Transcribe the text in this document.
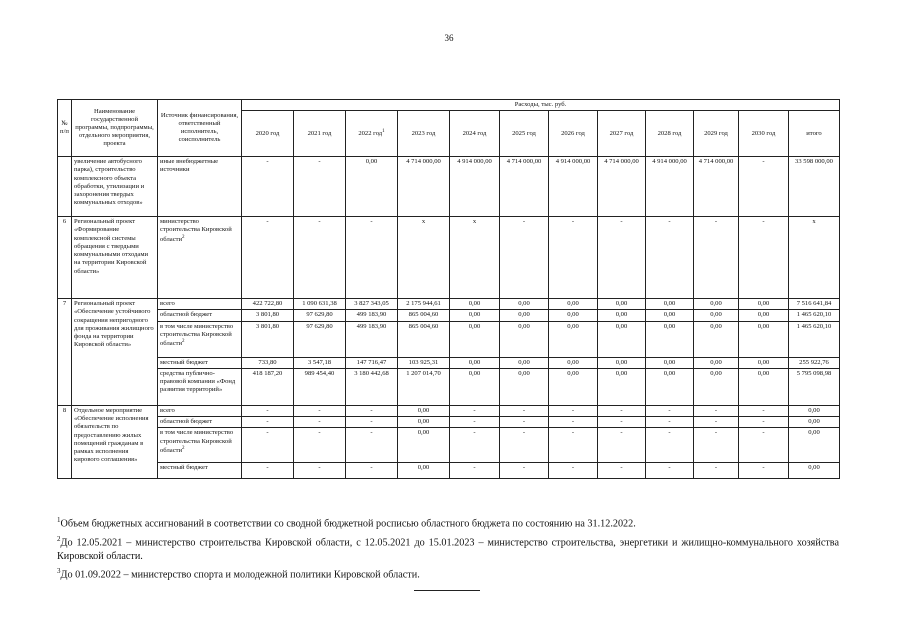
36
№ п/п	Наименование государственной программы, подпрограммы, отдельного мероприятия, проекта	Источник финансирования, ответственный исполнитель, соисполнитель	Расходы, тыс. руб.											
			2020 год	2021 год	2022 год$^1$	2023 год	2024 год	2025 год	2026 год	2027 год	2028 год	2029 год	2030 год	итого
	увеличение автобусного парка), строительство комплексного объекта обработки, утилизации и захоронения твердых коммунальных отходов»	иные внебюджетные источники	-	-	0,00	4 714 000,00	4 914 000,00	4 714 000,00	4 914 000,00	4 714 000,00	4 914 000,00	4 714 000,00	-	33 598 000,00
6	Региональный проект «Формирование комплексной системы обращения с твердыми коммунальными отходами на территории Кировской области»	министерство строительства Кировской области$^2$	-	-	-	х	х	-	-	-	-	-	-	х
7	Региональный проект «Обеспечение устойчивого сокращения непригодного для проживания жилищного фонда на территории Кировской области»	всего	422 722,80	1 090 631,38	3 827 343,05	2 175 944,61	0,00	0,00	0,00	0,00	0,00	0,00	0,00	7 516 641,84
		областной бюджет	3 801,80	97 629,80	499 183,90	865 004,60	0,00	0,00	0,00	0,00	0,00	0,00	0,00	1 465 620,10
		в том числе министерство строительства Кировской области$^2$	3 801,80	97 629,80	499 183,90	865 004,60	0,00	0,00	0,00	0,00	0,00	0,00	0,00	1 465 620,10
		местный бюджет	733,80	3 547,18	147 716,47	103 925,31	0,00	0,00	0,00	0,00	0,00	0,00	0,00	255 922,76
		средства публично-правовой компании «Фонд развития территорий»	418 187,20	989 454,40	3 180 442,68	1 207 014,70	0,00	0,00	0,00	0,00	0,00	0,00	0,00	5 795 098,98
8	Отдельное мероприятие «Обеспечение исполнения обязательств по предоставлению жилых помещений гражданам в рамках исполнения кирового соглашения»	всего	-	-	-	0,00	-	-	-	-	-	-	-	0,00
		областной бюджет	-	-	-	0,00	-	-	-	-	-	-	-	0,00
		в том числе министерство строительства Кировской области$^2$	-	-	-	0,00	-	-	-	-	-	-	-	0,00
		местный бюджет	-	-	-	0,00	-	-	-	-	-	-	-	0,00

$^1$Объем бюджетных ассигнований в соответствии со сводной бюджетной росписью областного бюджета по состоянию на 31.12.2022.

$^2$До 12.05.2021 – министерство строительства Кировской области, с 12.05.2021 до 15.01.2023 – министерство строительства, энергетики и жилищно-коммунального хозяйства Кировской области.

$^3$До 01.09.2022 – министерство спорта и молодежной политики Кировской области.
